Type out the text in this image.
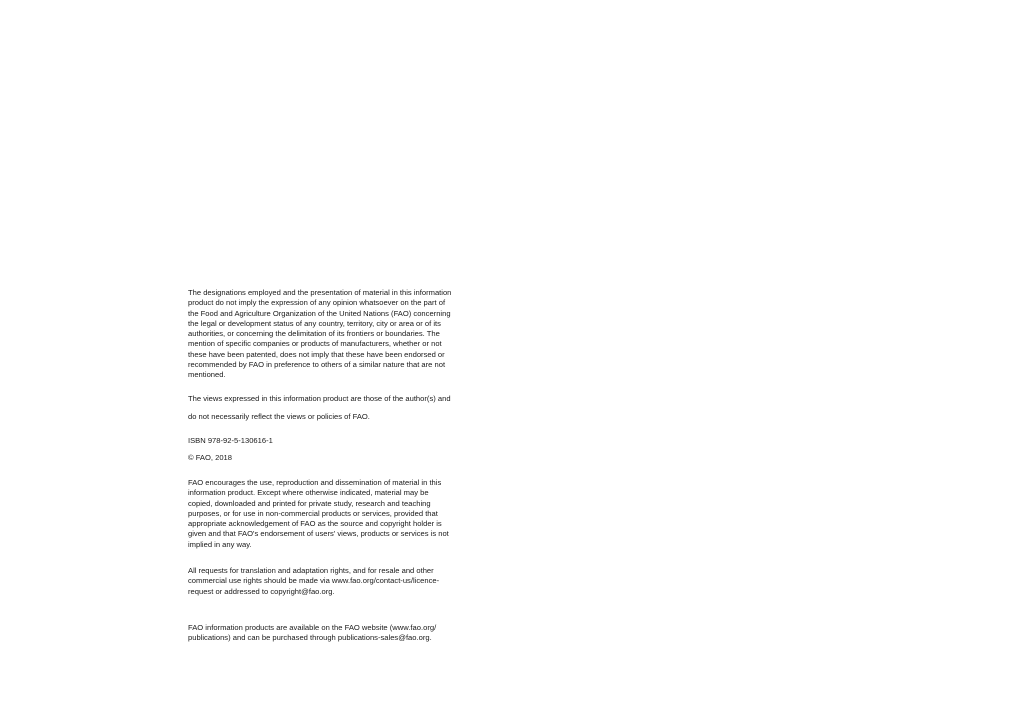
The designations employed and the presentation of material in this information
product do not imply the expression of any opinion whatsoever on the part of
the Food and Agriculture Organization of the United Nations (FAO) concerning
the legal or development status of any country, territory, city or area or of its
authorities, or concerning the delimitation of its frontiers or boundaries. The
mention of specific companies or products of manufacturers, whether or not
these have been patented, does not imply that these have been endorsed or
recommended by FAO in preference to others of a similar nature that are not
mentioned.
The views expressed in this information product are those of the author(s) and
do not necessarily reflect the views or policies of FAO.
ISBN 978-92-5-130616-1
© FAO, 2018
FAO encourages the use, reproduction and dissemination of material in this
information product. Except where otherwise indicated, material may be
copied, downloaded and printed for private study, research and teaching
purposes, or for use in non-commercial products or services, provided that
appropriate acknowledgement of FAO as the source and copyright holder is
given and that FAO's endorsement of users' views, products or services is not
implied in any way.
All requests for translation and adaptation rights, and for resale and other
commercial use rights should be made via www.fao.org/contact-us/licence-
request or addressed to copyright@fao.org.
FAO information products are available on the FAO website (www.fao.org/
publications) and can be purchased through publications-sales@fao.org.
